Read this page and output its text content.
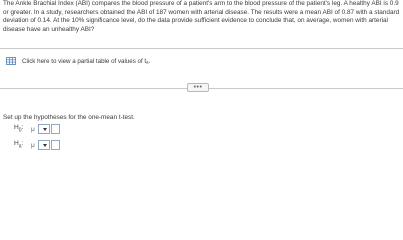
The Ankle Brachial Index (ABI) compares the blood pressure of a patient's arm to the blood pressure of the patient's leg. A healthy ABI is 0.9 or greater. In a study, researchers obtained the ABI of 187 women with arterial disease. The results were a mean ABI of 0.87 with a standard deviation of 0.14. At the 10% significance level, do the data provide sufficient evidence to conclude that, on average, women with arterial disease have an unhealthy ABI?

Click here to view a partial table of values of tₐ.
•••
Set up the hypotheses for the one-mean t-test.
$H_0$:	μ
$H_a$:	μ
